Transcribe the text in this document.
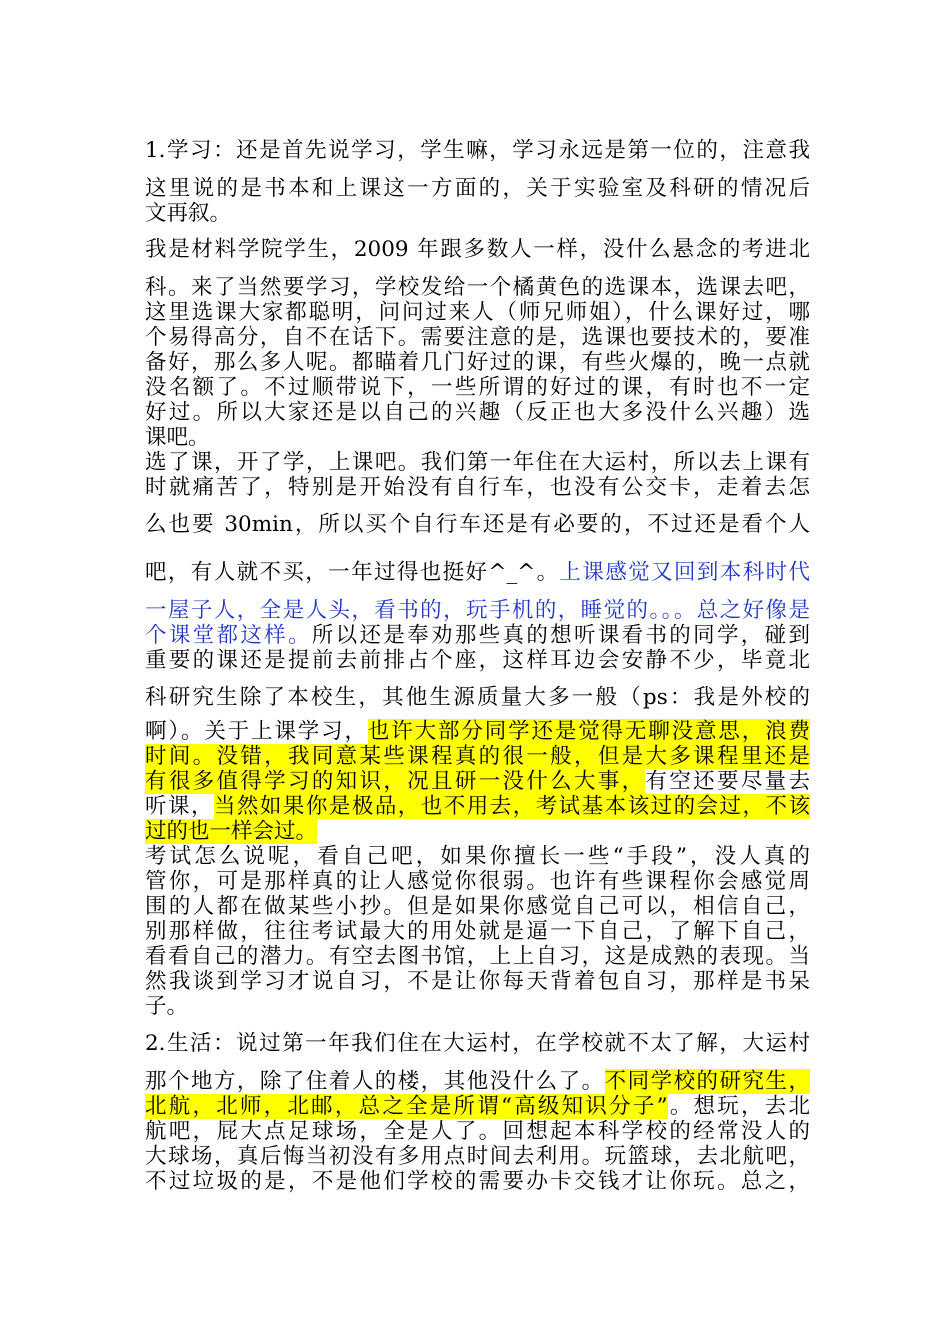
1.学习：还是首先说学习，学生嘛，学习永远是第一位的，注意我
这里说的是书本和上课这一方面的，关于实验室及科研的情况后
文再叙。
我是材料学院学生，2009 年跟多数人一样，没什么悬念的考进北
科。来了当然要学习，学校发给一个橘黄色的选课本，选课去吧，
这里选课大家都聪明，问问过来人（师兄师姐），什么课好过，哪
个易得高分，自不在话下。需要注意的是，选课也要技术的，要准
备好，那么多人呢。都瞄着几门好过的课，有些火爆的，晚一点就
没名额了。不过顺带说下，一些所谓的好过的课，有时也不一定
好过。所以大家还是以自己的兴趣（反正也大多没什么兴趣）选
课吧。
选了课，开了学，上课吧。我们第一年住在大运村，所以去上课有
时就痛苦了，特别是开始没有自行车，也没有公交卡，走着去怎
么也要 30min，所以买个自行车还是有必要的，不过还是看个人
吧，有人就不买，一年过得也挺好^_^。上课感觉又回到本科时代
一屋子人，全是人头，看书的，玩手机的，睡觉的。。。总之好像是
个课堂都这样。所以还是奉劝那些真的想听课看书的同学，碰到
重要的课还是提前去前排占个座，这样耳边会安静不少，毕竟北
科研究生除了本校生，其他生源质量大多一般（ps：我是外校的
啊）。关于上课学习，也许大部分同学还是觉得无聊没意思，浪费
时间。没错，我同意某些课程真的很一般，但是大多课程里还是
有很多值得学习的知识，况且研一没什么大事，有空还要尽量去
听课，当然如果你是极品，也不用去，考试基本该过的会过，不该
过的也一样会过。
考试怎么说呢，看自己吧，如果你擅长一些“手段”，没人真的
管你，可是那样真的让人感觉你很弱。也许有些课程你会感觉周
围的人都在做某些小抄。但是如果你感觉自己可以，相信自己，
别那样做，往往考试最大的用处就是逼一下自己，了解下自己，
看看自己的潜力。有空去图书馆，上上自习，这是成熟的表现。当
然我谈到学习才说自习，不是让你每天背着包自习，那样是书呆
子。
2.生活：说过第一年我们住在大运村，在学校就不太了解，大运村
那个地方，除了住着人的楼，其他没什么了。不同学校的研究生，
北航，北师，北邮，总之全是所谓“高级知识分子”。想玩，去北
航吧，屁大点足球场，全是人了。回想起本科学校的经常没人的
大球场，真后悔当初没有多用点时间去利用。玩篮球，去北航吧，
不过垃圾的是，不是他们学校的需要办卡交钱才让你玩。总之，
